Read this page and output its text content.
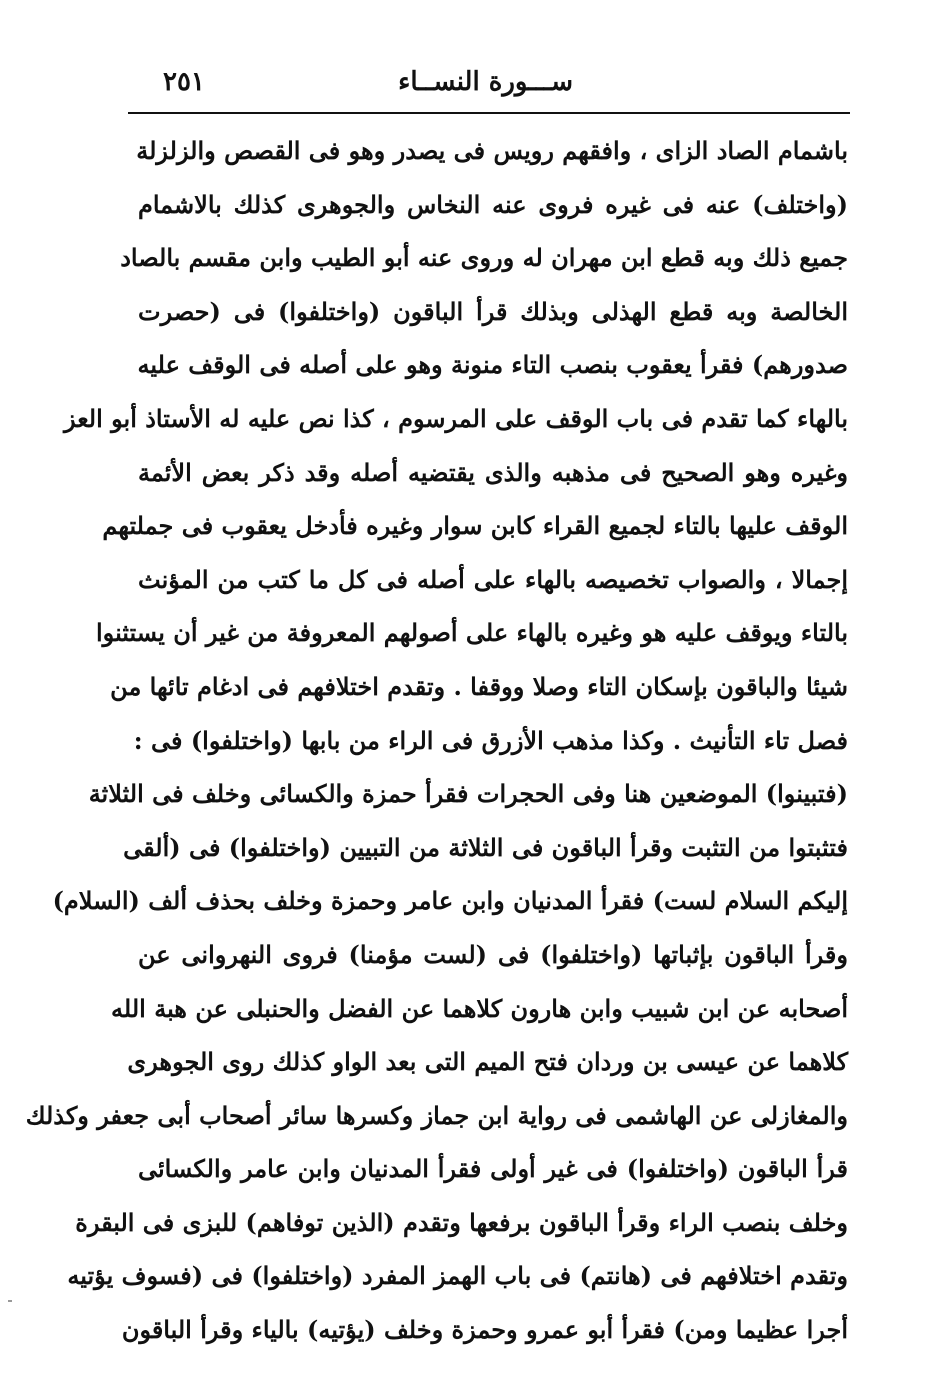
ســـورة النســاء
٢٥١
باشمام الصاد الزاى ، وافقهم رويس فى يصدر وهو فى القصص والزلزلة
(واختلف) عنه فى غيره فروى عنه النخاس والجوهرى كذلك بالاشمام
جميع ذلك وبه قطع ابن مهران له وروى عنه أبو الطيب وابن مقسم بالصاد
الخالصة وبه قطع الهذلى وبذلك قرأ الباقون (واختلفوا) فى (حصرت
صدورهم) فقرأ يعقوب بنصب التاء منونة وهو على أصله فى الوقف عليه
بالهاء كما تقدم فى باب الوقف على المرسوم ، كذا نص عليه له الأستاذ أبو العز
وغيره وهو الصحيح فى مذهبه والذى يقتضيه أصله وقد ذكر بعض الأئمة
الوقف عليها بالتاء لجميع القراء كابن سوار وغيره فأدخل يعقوب فى جملتهم
إجمالا ، والصواب تخصيصه بالهاء على أصله فى كل ما كتب من المؤنث
بالتاء ويوقف عليه هو وغيره بالهاء على أصولهم المعروفة من غير أن يستثنوا
شيئا والباقون بإسكان التاء وصلا ووقفا . وتقدم اختلافهم فى ادغام تائها من
فصل تاء التأنيث . وكذا مذهب الأزرق فى الراء من بابها (واختلفوا) فى :
(فتبينوا) الموضعين هنا وفى الحجرات فقرأ حمزة والكسائى وخلف فى الثلاثة
فتثبتوا من التثبت وقرأ الباقون فى الثلاثة من التبيين (واختلفوا) فى (ألقى
إليكم السلام لست) فقرأ المدنيان وابن عامر وحمزة وخلف بحذف ألف (السلام)
وقرأ الباقون بإثباتها (واختلفوا) فى (لست مؤمنا) فروى النهروانى عن
أصحابه عن ابن شبيب وابن هارون كلاهما عن الفضل والحنبلى عن هبة الله
كلاهما عن عيسى بن وردان فتح الميم التى بعد الواو كذلك روى الجوهرى
والمغازلى عن الهاشمى فى رواية ابن جماز وكسرها سائر أصحاب أبى جعفر وكذلك
قرأ الباقون (واختلفوا) فى غير أولى فقرأ المدنيان وابن عامر والكسائى
وخلف بنصب الراء وقرأ الباقون برفعها وتقدم (الذين توفاهم) للبزى فى البقرة
وتقدم اختلافهم فى (هانتم) فى باب الهمز المفرد (واختلفوا) فى (فسوف يؤتيه
أجرا عظيما ومن) فقرأ أبو عمرو وحمزة وخلف (يؤتيه) بالياء وقرأ الباقون
